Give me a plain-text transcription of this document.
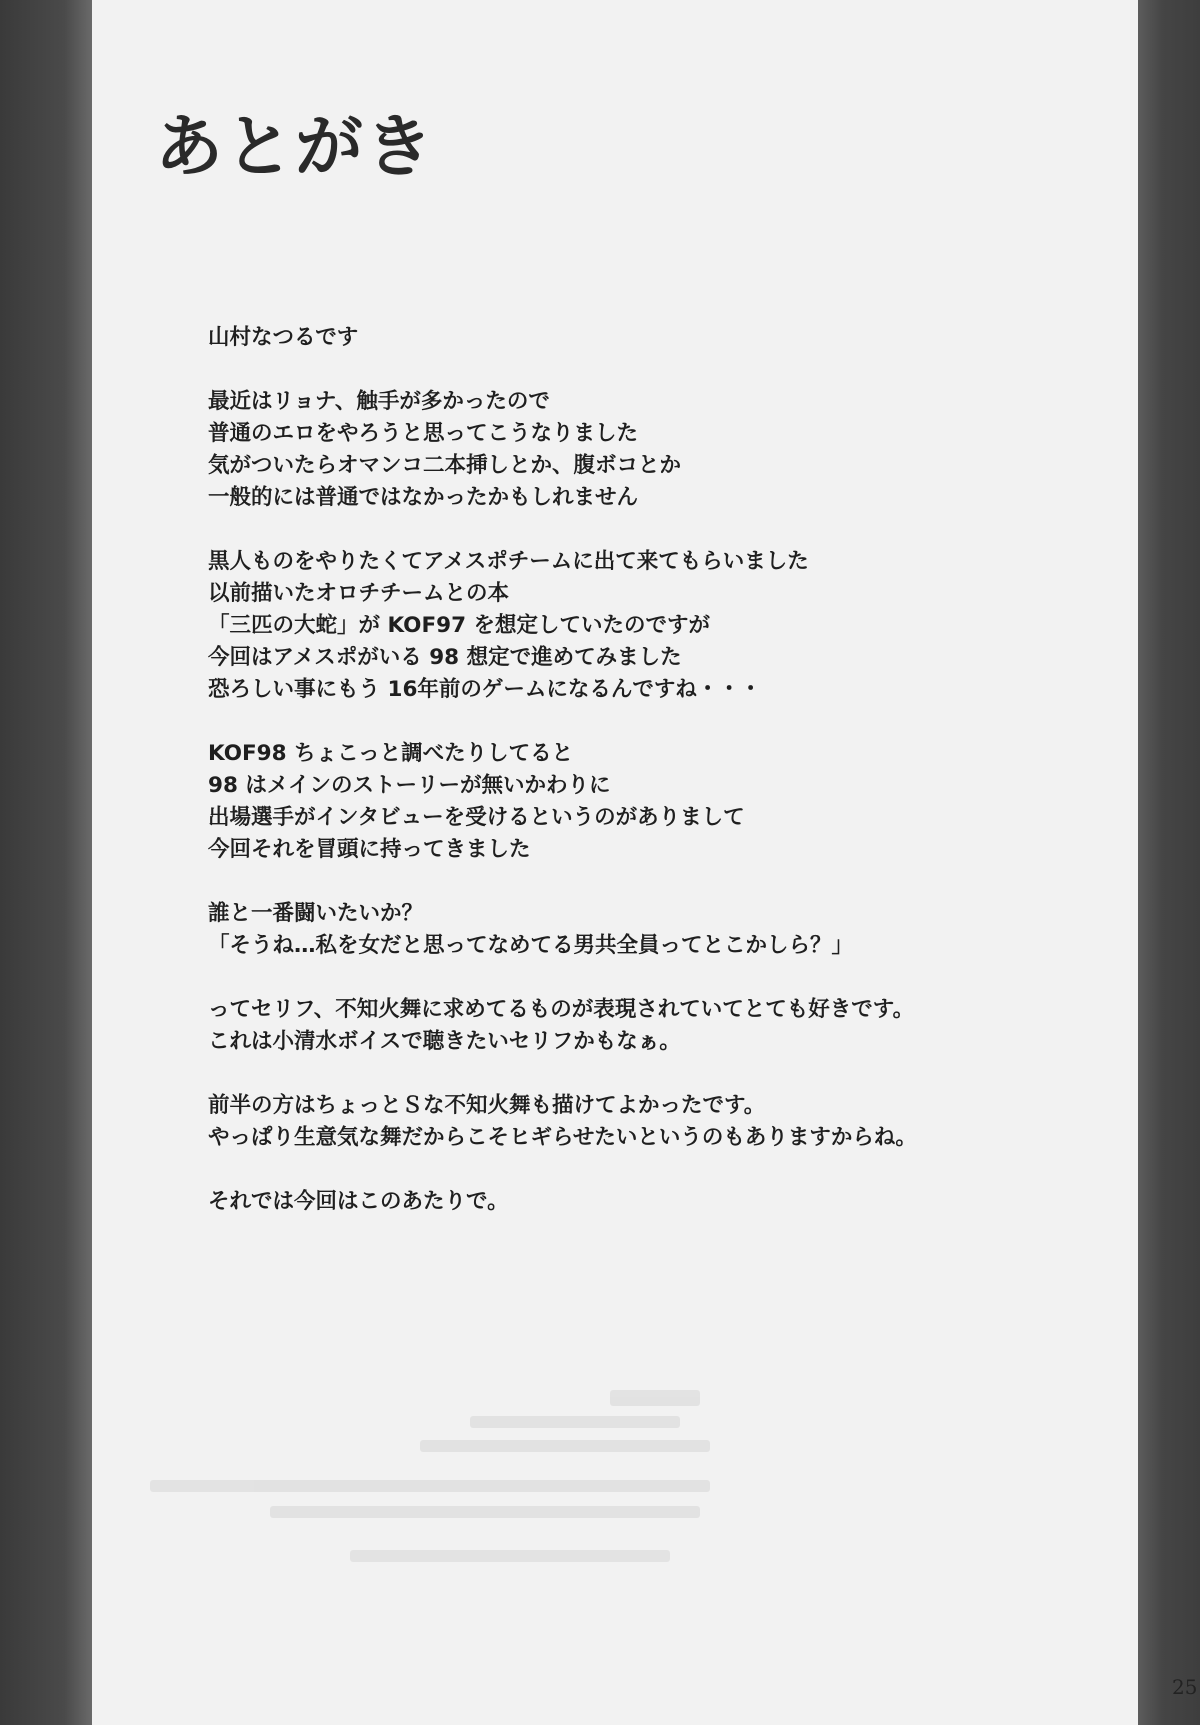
あとがき
山村なつるです
最近はリョナ、触手が多かったので
普通のエロをやろうと思ってこうなりました
気がついたらオマンコ二本挿しとか、腹ボコとか
一般的には普通ではなかったかもしれません
黒人ものをやりたくてアメスポチームに出て来てもらいました
以前描いたオロチチームとの本
「三匹の大蛇」が KOF97 を想定していたのですが
今回はアメスポがいる 98 想定で進めてみました
恐ろしい事にもう 16年前のゲームになるんですね・・・
KOF98 ちょこっと調べたりしてると
98 はメインのストーリーが無いかわりに
出場選手がインタビューを受けるというのがありまして
今回それを冒頭に持ってきました
誰と一番闘いたいか？
「そうね…私を女だと思ってなめてる男共全員ってとこかしら？」
ってセリフ、不知火舞に求めてるものが表現されていてとても好きです。
これは小清水ボイスで聴きたいセリフかもなぁ。
前半の方はちょっとＳな不知火舞も描けてよかったです。
やっぱり生意気な舞だからこそヒギらせたいというのもありますからね。
それでは今回はこのあたりで。

25
